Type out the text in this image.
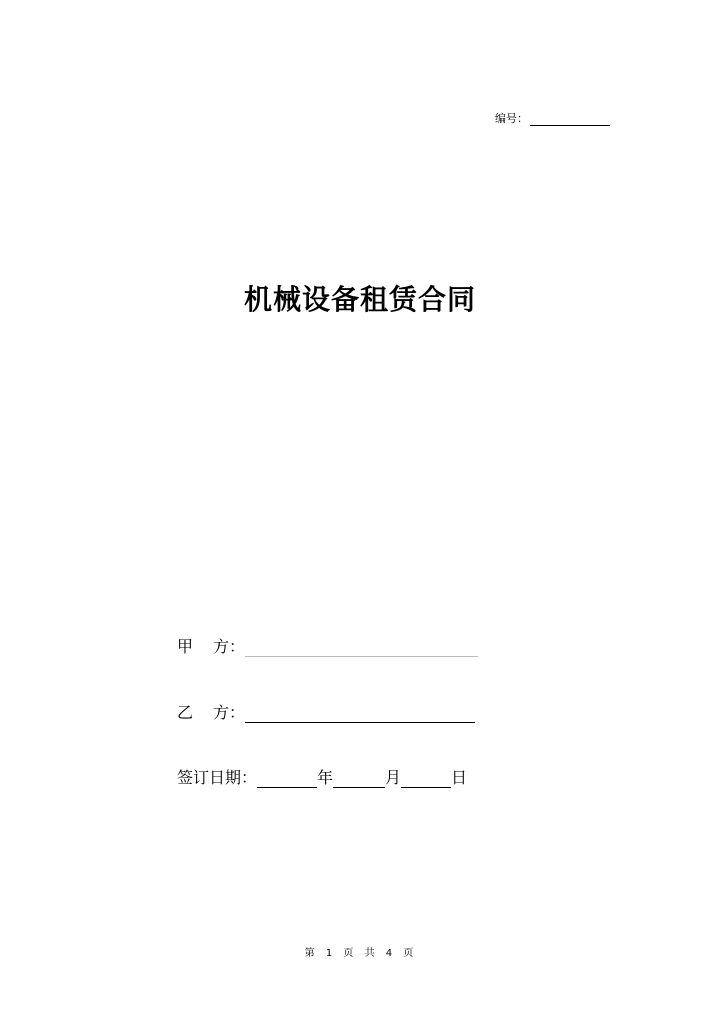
编号：
机械设备租赁合同
甲 方：
乙 方：
签订日期：	年	月	日
第 1 页 共 4 页
